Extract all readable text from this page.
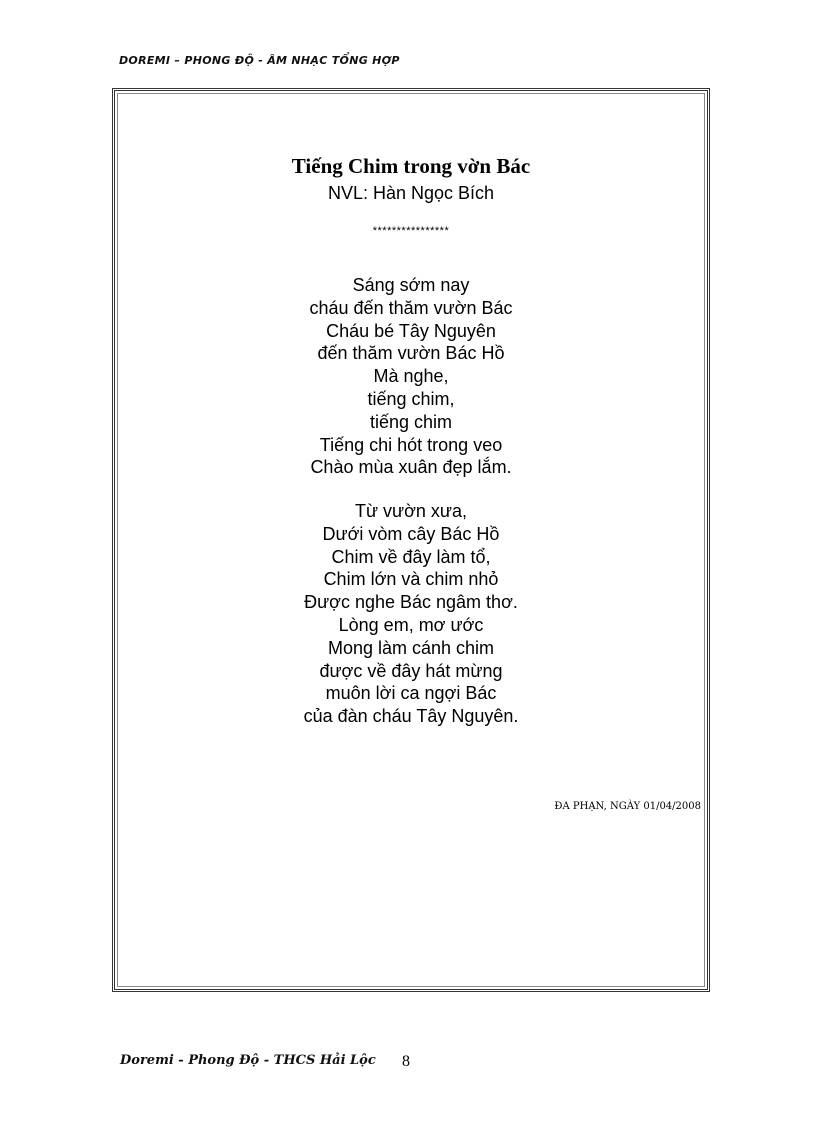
DOREMI – PHONG ĐỘ - ÂM NHẠC TỔNG HỢP
Tiếng Chim trong vờn Bác
NVL: Hàn Ngọc Bích
****************
Sáng sớm nay
cháu đến thăm vườn Bác
Cháu bé Tây Nguyên
đến thăm vườn Bác Hồ
Mà nghe,
tiếng chim,
tiếng chim
Tiếng chi hót trong veo
Chào mùa xuân đẹp lắm.
Từ vườn xưa,
Dưới vòm cây Bác Hồ
Chim về đây làm tổ,
Chim lớn và chim nhỏ
Được nghe Bác ngâm thơ.
Lòng em, mơ ước
Mong làm cánh chim
được về đây hát mừng
muôn lời ca ngợi Bác
của đàn cháu Tây Nguyên.
ĐA PHẠN, NGÀY 01/04/2008
Doremi - Phong Độ - THCS Hải Lộc 8
